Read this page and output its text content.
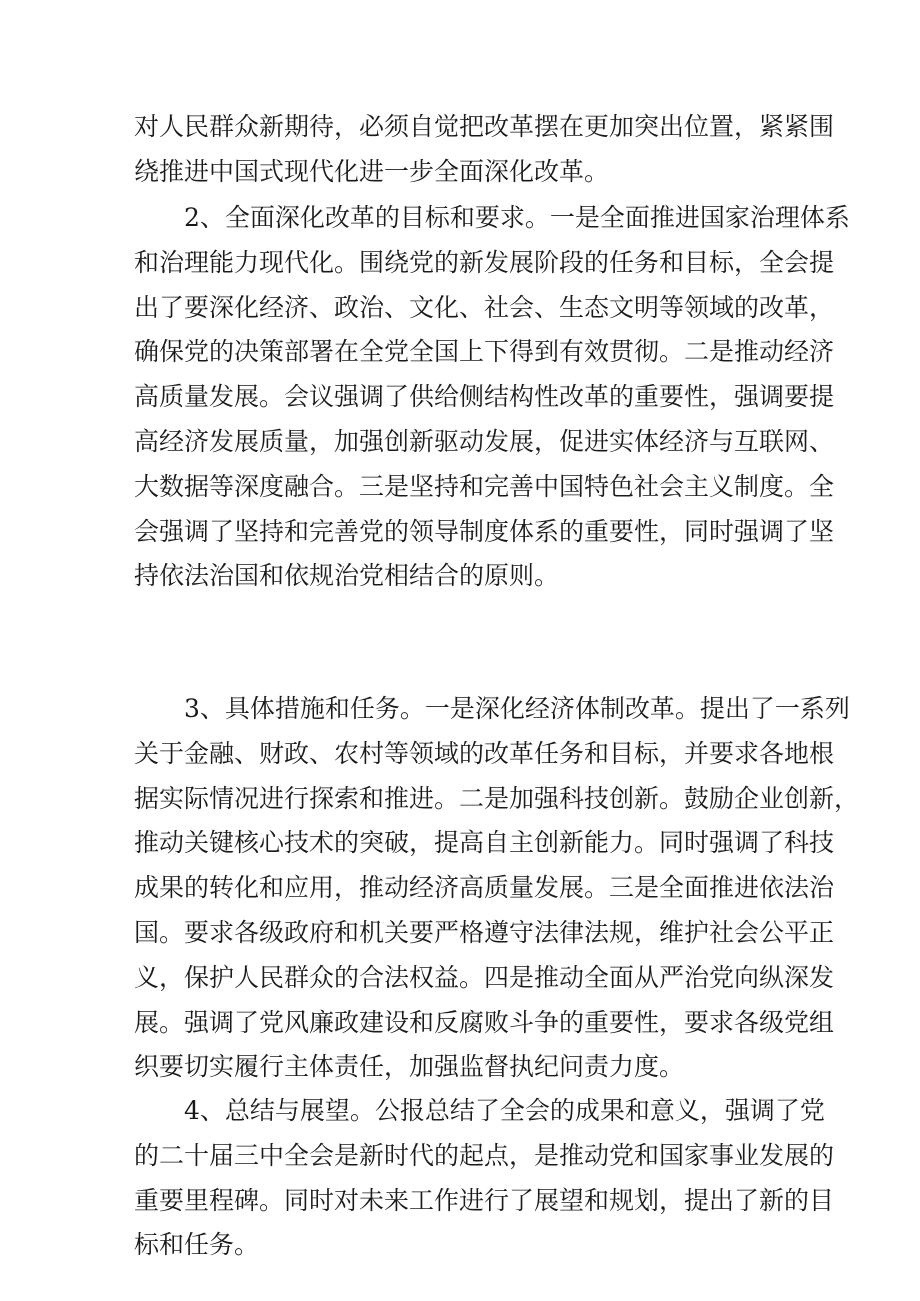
对人民群众新期待，必须自觉把改革摆在更加突出位置，紧紧围
绕推进中国式现代化进一步全面深化改革。
2、全面深化改革的目标和要求。一是全面推进国家治理体系
和治理能力现代化。围绕党的新发展阶段的任务和目标，全会提
出了要深化经济、政治、文化、社会、生态文明等领域的改革，
确保党的决策部署在全党全国上下得到有效贯彻。二是推动经济
高质量发展。会议强调了供给侧结构性改革的重要性，强调要提
高经济发展质量，加强创新驱动发展，促进实体经济与互联网、
大数据等深度融合。三是坚持和完善中国特色社会主义制度。全
会强调了坚持和完善党的领导制度体系的重要性，同时强调了坚
持依法治国和依规治党相结合的原则。
3、具体措施和任务。一是深化经济体制改革。提出了一系列
关于金融、财政、农村等领域的改革任务和目标，并要求各地根
据实际情况进行探索和推进。二是加强科技创新。鼓励企业创新，
推动关键核心技术的突破，提高自主创新能力。同时强调了科技
成果的转化和应用，推动经济高质量发展。三是全面推进依法治
国。要求各级政府和机关要严格遵守法律法规，维护社会公平正
义，保护人民群众的合法权益。四是推动全面从严治党向纵深发
展。强调了党风廉政建设和反腐败斗争的重要性，要求各级党组
织要切实履行主体责任，加强监督执纪问责力度。
4、总结与展望。公报总结了全会的成果和意义，强调了党
的二十届三中全会是新时代的起点，是推动党和国家事业发展的
重要里程碑。同时对未来工作进行了展望和规划，提出了新的目
标和任务。
